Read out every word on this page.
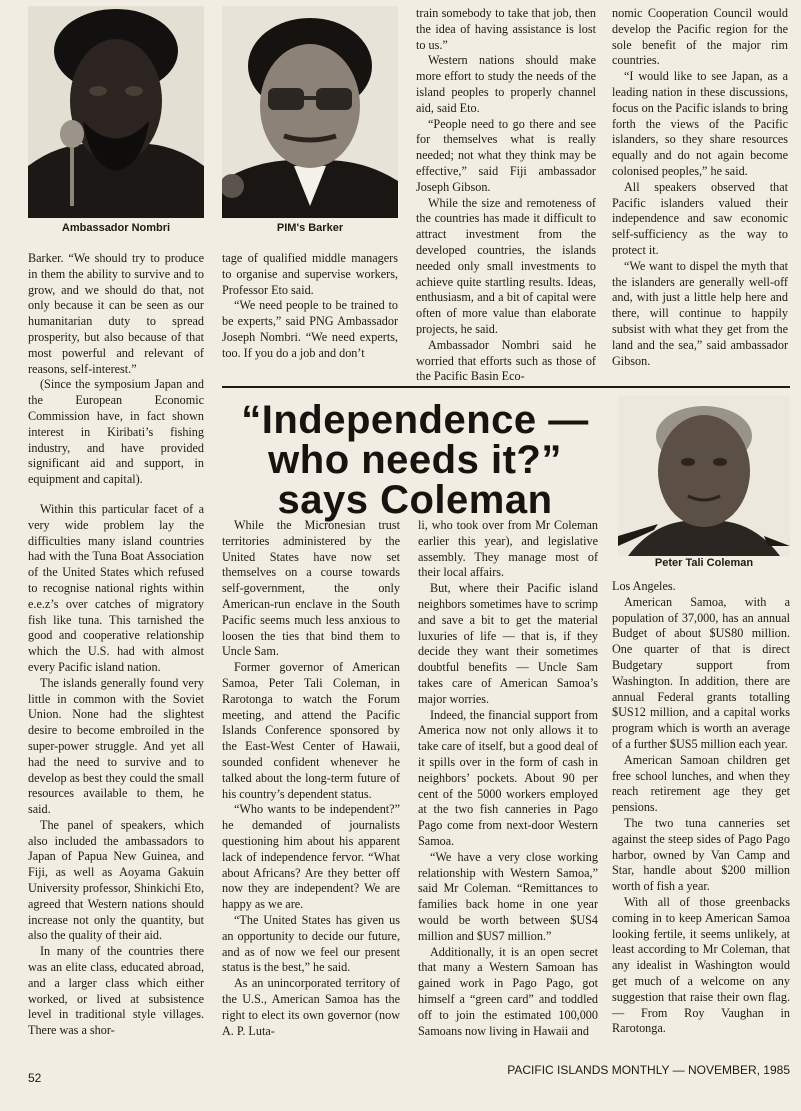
Ambassador Nombri	PIM's Barker
Peter Tali Coleman

Barker. “We should try to produce in them the ability to survive and to grow, and we should do that, not only because it can be seen as our humanitarian duty to spread prosperity, but also because of that most powerful and relevant of reasons, self-interest.”

(Since the symposium Japan and the European Economic Commission have, in fact shown interest in Kiribati’s fishing industry, and have provided significant aid and support, in equipment and capital).

Within this particular facet of a very wide problem lay the difficulties many island countries had with the Tuna Boat Association of the United States which refused to recognise national rights within e.e.z’s over catches of migratory fish like tuna. This tarnished the good and cooperative relationship which the U.S. had with almost every Pacific island nation.

The islands generally found very little in common with the Soviet Union. None had the slightest desire to become embroiled in the super-power struggle. And yet all had the need to survive and to develop as best they could the small resources available to them, he said.

The panel of speakers, which also included the ambassadors to Japan of Papua New Guinea, and Fiji, as well as Aoyama Gakuin University professor, Shinkichi Eto, agreed that Western nations should increase not only the quantity, but also the quality of their aid.

In many of the countries there was an elite class, educated abroad, and a larger class which either worked, or lived at subsistence level in traditional style villages. There was a shor-

tage of qualified middle managers to organise and supervise workers, Professor Eto said.

“We need people to be trained to be experts,” said PNG Ambassador Joseph Nombri. “We need experts, too. If you do a job and don’t

train somebody to take that job, then the idea of having assistance is lost to us.”

Western nations should make more effort to study the needs of the island peoples to properly channel aid, said Eto.

“People need to go there and see for themselves what is really needed; not what they think may be effective,” said Fiji ambassador Joseph Gibson.

While the size and remoteness of the countries has made it difficult to attract investment from the developed countries, the islands needed only small investments to achieve quite startling results. Ideas, enthusiasm, and a bit of capital were often of more value than elaborate projects, he said.

Ambassador Nombri said he worried that efforts such as those of the Pacific Basin Eco-

nomic Cooperation Council would develop the Pacific region for the sole benefit of the major rim countries.

“I would like to see Japan, as a leading nation in these discussions, focus on the Pacific islands to bring forth the views of the Pacific islanders, so they share resources equally and do not again become colonised peoples,” he said.

All speakers observed that Pacific islanders valued their independence and saw economic self-sufficiency as the way to protect it.

“We want to dispel the myth that the islanders are generally well-off and, with just a little help here and there, will continue to happily subsist with what they get from the land and the sea,” said ambassador Gibson.

“Independence —
who needs it?”
says Coleman

While the Micronesian trust territories administered by the United States have now set themselves on a course towards self-government, the only American-run enclave in the South Pacific seems much less anxious to loosen the ties that bind them to Uncle Sam.

Former governor of American Samoa, Peter Tali Coleman, in Rarotonga to watch the Forum meeting, and attend the Pacific Islands Conference sponsored by the East-West Center of Hawaii, sounded confident whenever he talked about the long-term future of his country’s dependent status.

“Who wants to be independent?” he demanded of journalists questioning him about his apparent lack of independence fervor. “What about Africans? Are they better off now they are independent? We are happy as we are.

“The United States has given us an opportunity to decide our future, and as of now we feel our present status is the best,” he said.

As an unincorporated territory of the U.S., American Samoa has the right to elect its own governor (now A. P. Luta-

li, who took over from Mr Coleman earlier this year), and legislative assembly. They manage most of their local affairs.

But, where their Pacific island neighbors sometimes have to scrimp and save a bit to get the material luxuries of life — that is, if they decide they want their sometimes doubtful benefits — Uncle Sam takes care of American Samoa’s major worries.

Indeed, the financial support from America now not only allows it to take care of itself, but a good deal of it spills over in the form of cash in neighbors’ pockets. About 90 per cent of the 5000 workers employed at the two fish canneries in Pago Pago come from next-door Western Samoa.

“We have a very close working relationship with Western Samoa,” said Mr Coleman. “Remittances to families back home in one year would be worth between $US4 million and $US7 million.”

Additionally, it is an open secret that many a Western Samoan has gained work in Pago Pago, got himself a “green card” and toddled off to join the estimated 100,000 Samoans now living in Hawaii and

Los Angeles.

American Samoa, with a population of 37,000, has an annual Budget of about $US80 million. One quarter of that is direct Budgetary support from Washington. In addition, there are annual Federal grants totalling $US12 million, and a capital works program which is worth an average of a further $US5 million each year.

American Samoan children get free school lunches, and when they reach retirement age they get pensions.

The two tuna canneries set against the steep sides of Pago Pago harbor, owned by Van Camp and Star, handle about $200 million worth of fish a year.

With all of those greenbacks coming in to keep American Samoa looking fertile, it seems unlikely, at least according to Mr Coleman, that any idealist in Washington would get much of a welcome on any suggestion that raise their own flag. — From Roy Vaughan in Rarotonga.

52
PACIFIC ISLANDS MONTHLY — NOVEMBER, 1985
